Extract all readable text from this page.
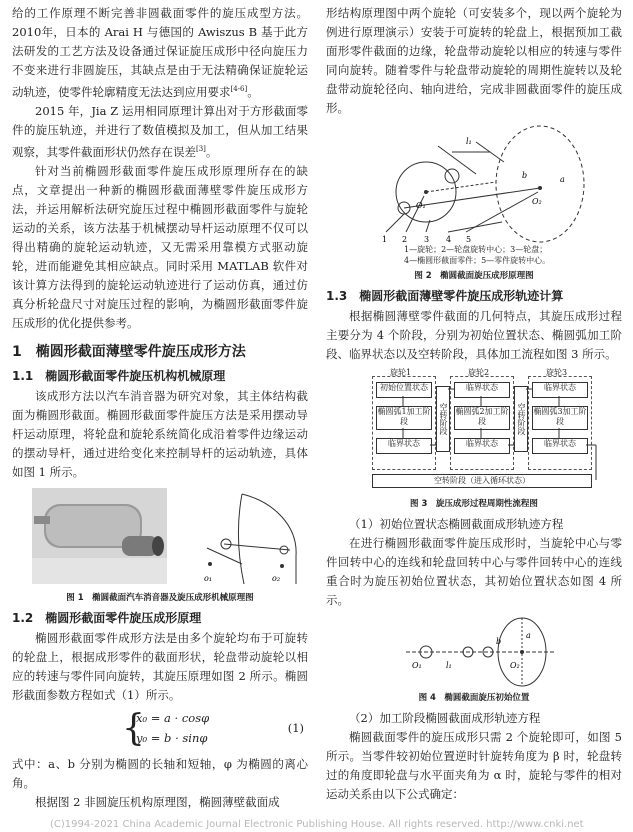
给的工作原理不断完善非圆截面零件的旋压成型方法。2010年，日本的 Arai H 与德国的 Awiszus B 基于此方法研发的工艺方法及设备通过保证旋压成形中径向旋压力不变来进行非圆旋压，其缺点是由于无法精确保证旋轮运动轨迹，使零件轮廓精度无法达到应用要求[4-6]。

2015 年，Jia Z 运用相同原理计算出对于方形截面零件的旋压轨迹，并进行了数值模拟及加工，但从加工结果观察，其零件截面形状仍然存在误差[3]。

针对当前椭圆形截面零件旋压成形原理所存在的缺点，文章提出一种新的椭圆形截面薄壁零件旋压成形方法，并运用解析法研究旋压过程中椭圆形截面零件与旋轮运动的关系，该方法基于机械摆动导杆运动原理不仅可以得出精确的旋轮运动轨迹，又无需采用靠模方式驱动旋轮，进而能避免其相应缺点。同时采用 MATLAB 软件对该计算方法得到的旋轮运动轨迹进行了运动仿真，通过仿真分析轮盘尺寸对旋压过程的影响，为椭圆形截面零件旋压成形的优化提供参考。

1　椭圆形截面薄壁零件旋压成形方法
1.1　椭圆形截面零件旋压机构机械原理

该成形方法以汽车消音器为研究对象，其主体结构截面为椭圆形截面。椭圆形截面零件旋压方法是采用摆动导杆运动原理，将轮盘和旋轮系统简化成沿着零件边缘运动的摆动导杆，通过进给变化来控制导杆的运动轨迹，具体如图 1 所示。

o₁	o₂
图 1　椭圆截面汽车消音器及旋压成形机械原理图
1.2　椭圆形截面零件旋压成形原理

椭圆形截面零件成形方法是由多个旋轮均布于可旋转的轮盘上，根据成形零件的截面形状，轮盘带动旋轮以相应的转速与零件同向旋转，其旋压原理如图 2 所示。椭圆形截面参数方程如式（1）所示。

{
x₀ = a · cosφ
y₀ = b · sinφ
(1)

式中：a、b 分别为椭圆的长轴和短轴，φ 为椭圆的离心角。

根据图 2 非圆旋压机构原理图，椭圆薄壁截面成

形结构原理图中两个旋轮（可安装多个，现以两个旋轮为例进行原理演示）安装于可旋转的轮盘上，根据预加工截面形零件截面的边缘，轮盘带动旋轮以相应的转速与零件同向旋转。随着零件与轮盘带动旋轮的周期性旋转以及轮盘带动旋轮径向、轴向进给，完成非圆截面零件的旋压成形。

1 2 3 4 5
l₁
b	a
O₁	O₂
1—旋轮；2—轮盘旋转中心；3—轮盘；
4—椭圆形截面零件；5—零件旋转中心。
图 2　椭圆截面旋压成形原理图
1.3　椭圆形截面薄壁零件旋压成形轨迹计算

根据椭圆薄壁零件截面的几何特点，其旋压成形过程主要分为 4 个阶段，分别为初始位置状态、椭圆弧加工阶段、临界状态以及空转阶段，具体加工流程如图 3 所示。

旋轮1	旋轮2	旋轮3
初始位置状态
椭圆弧1加工阶段
临界状态
空转阶段
临界状态
椭圆弧2加工阶段
临界状态
空转阶段
临界状态
椭圆弧3加工阶段
临界状态
空转阶段（进入循环状态）
图 3　旋压成形过程周期性流程图

（1）初始位置状态椭圆截面成形轨迹方程

在进行椭圆形截面零件旋压成形时，当旋轮中心与零件回转中心的连线和轮盘回转中心与零件回转中心的连线重合时为旋压初始位置状态，其初始位置状态如图 4 所示。

O₁	l₁	O₂
b
a
图 4　椭圆截面旋压初始位置

（2）加工阶段椭圆截面成形轨迹方程

椭圆截面零件的旋压成形只需 2 个旋轮即可，如图 5 所示。当零件较初始位置逆时针旋转角度为 β 时，轮盘转过的角度即轮盘与水平面夹角为 α 时，旋轮与零件的相对运动关系由以下公式确定：

(C)1994-2021 China Academic Journal Electronic Publishing House. All rights reserved. http://www.cnki.net
